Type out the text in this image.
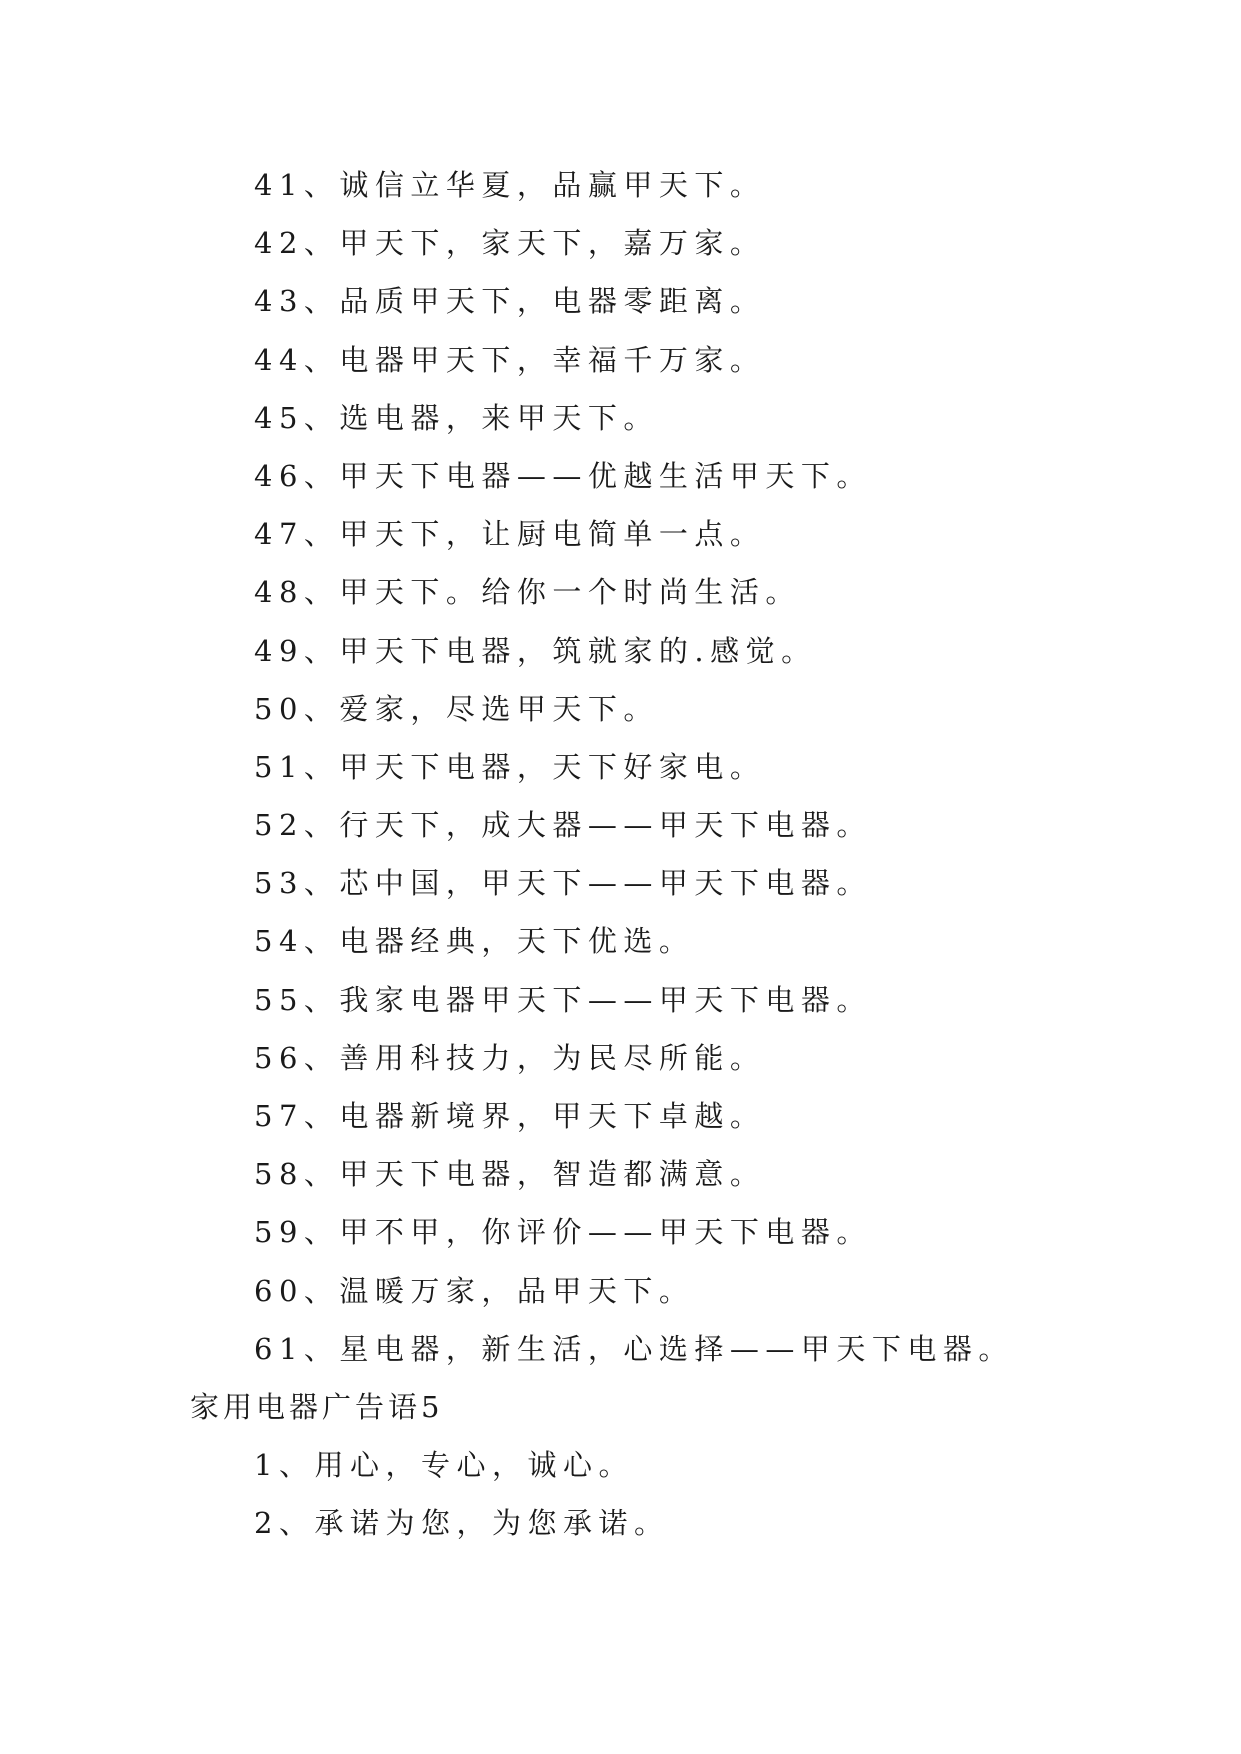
41、诚信立华夏，品赢甲天下。
42、甲天下，家天下，嘉万家。
43、品质甲天下，电器零距离。
44、电器甲天下，幸福千万家。
45、选电器，来甲天下。
46、甲天下电器——优越生活甲天下。
47、甲天下，让厨电简单一点。
48、甲天下。给你一个时尚生活。
49、甲天下电器，筑就家的.感觉。
50、爱家，尽选甲天下。
51、甲天下电器，天下好家电。
52、行天下，成大器——甲天下电器。
53、芯中国，甲天下——甲天下电器。
54、电器经典，天下优选。
55、我家电器甲天下——甲天下电器。
56、善用科技力，为民尽所能。
57、电器新境界，甲天下卓越。
58、甲天下电器，智造都满意。
59、甲不甲，你评价——甲天下电器。
60、温暖万家，品甲天下。
61、星电器，新生活，心选择——甲天下电器。
家用电器广告语5
1、用心，专心，诚心。
2、承诺为您，为您承诺。
